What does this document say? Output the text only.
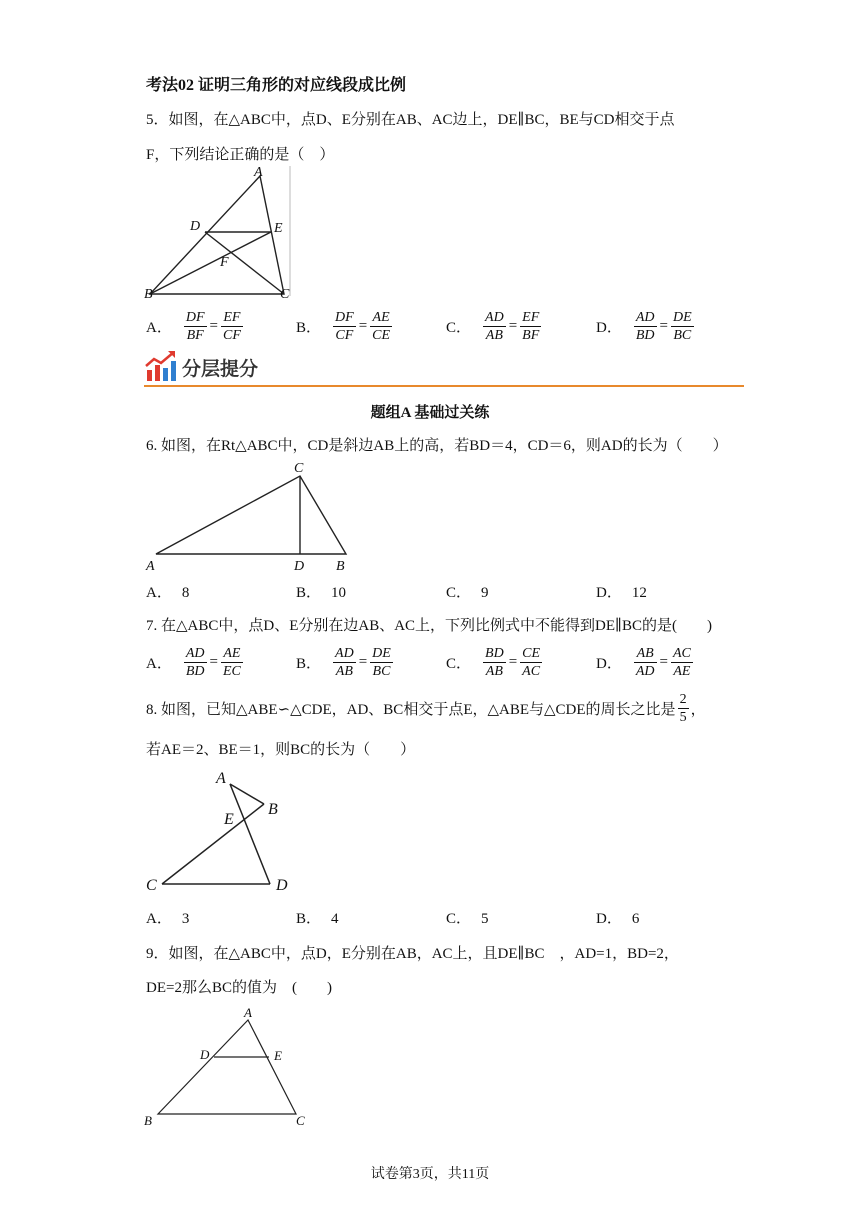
考法02 证明三角形的对应线段成比例
5．如图，在△ABC中，点D、E分别在AB、AC边上，DE∥BC，BE与CD相交于点
F，下列结论正确的是（　）
A
B	C
D	E
F
A． $\frac{DF}{BF} = \frac{EF}{CF}$	B． $\frac{DF}{CF} = \frac{AE}{CE}$	C． $\frac{AD}{AB} = \frac{EF}{BF}$	D． $\frac{AD}{BD} = \frac{DE}{BC}$
分层提分
题组A 基础过关练
6. 如图，在Rt△ABC中，CD是斜边AB上的高，若BD＝4，CD＝6，则AD的长为（　　）
C
A	D B
A． 8	B． 10	C． 9	D． 12
7. 在△ABC中，点D、E分别在边AB、AC上，下列比例式中不能得到DE∥BC的是(　　)
A． $\frac{AD}{BD} = \frac{AE}{EC}$	B． $\frac{AD}{AB} = \frac{DE}{BC}$	C． $\frac{BD}{AB} = \frac{CE}{AC}$	D． $\frac{AB}{AD} = \frac{AC}{AE}$
8. 如图，已知△ABE∽△CDE，AD、BC相交于点E，△ABE与△CDE的周长之比是 $\frac{2}{5}$ ，
若AE＝2、BE＝1，则BC的长为（　　）
A
B
E
C	D
A． 3	B． 4	C． 5	D． 6
9．如图，在△ABC中，点D，E分别在AB，AC上，且DE∥BC　，AD=1，BD=2，
DE=2那么BC的值为　(　　)
A
D	E
B	C
试卷第3页，共11页
